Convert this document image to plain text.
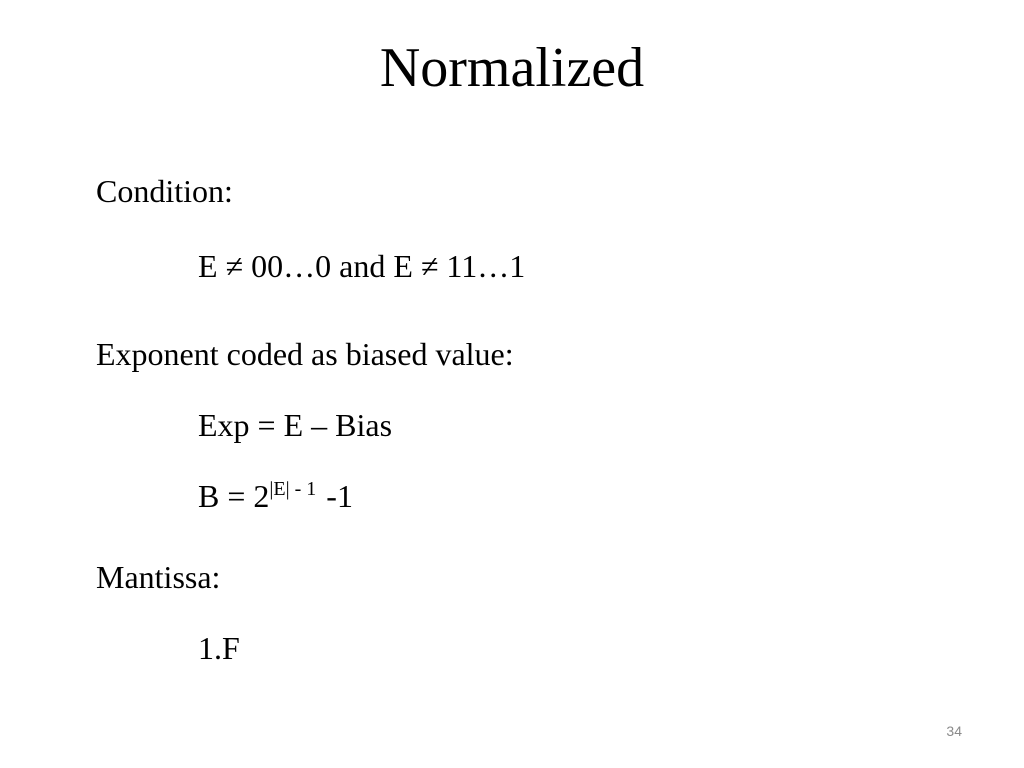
Normalized
Condition:
E ≠ 00…0 and E ≠ 11…1
Exponent coded as biased value:
Exp = E – Bias
$B = 2^{|E| - 1}$ -1
Mantissa:
1.F
34
